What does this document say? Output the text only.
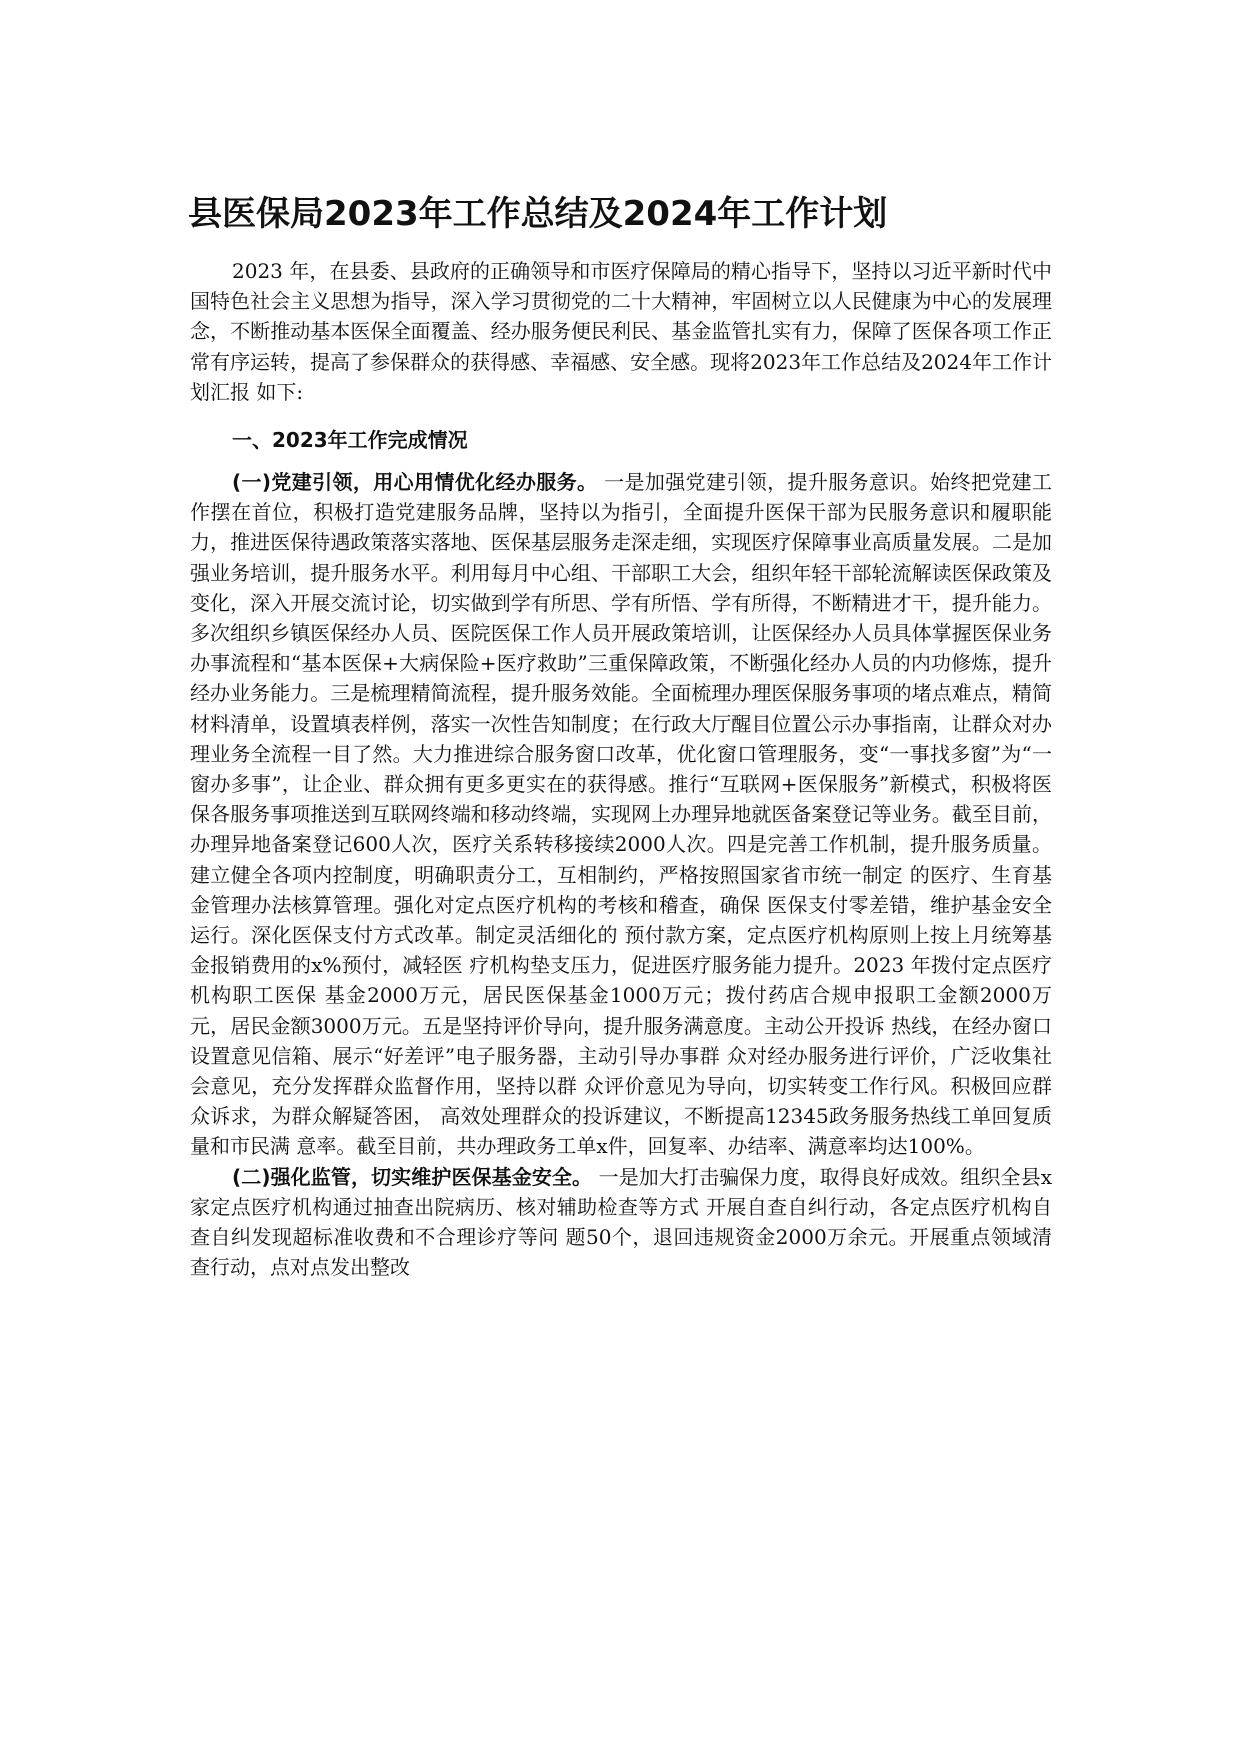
县医保局2023年工作总结及2024年工作计划

2023 年，在县委、县政府的正确领导和市医疗保障局的精心指导下，坚持以习近平新时代中国特色社会主义思想为指导，深入学习贯彻党的二十大精神，牢固树立以人民健康为中心的发展理念，不断推动基本医保全面覆盖、经办服务便民利民、基金监管扎实有力，保障了医保各项工作正常有序运转，提高了参保群众的获得感、幸福感、安全感。现将2023年工作总结及2024年工作计划汇报 如下:

一、2023年工作完成情况

(一)党建引领，用心用情优化经办服务。 一是加强党建引领，提升服务意识。始终把党建工作摆在首位，积极打造党建服务品牌，坚持以为指引，全面提升医保干部为民服务意识和履职能力，推进医保待遇政策落实落地、医保基层服务走深走细，实现医疗保障事业高质量发展。二是加强业务培训，提升服务水平。利用每月中心组、干部职工大会，组织年轻干部轮流解读医保政策及变化，深入开展交流讨论，切实做到学有所思、学有所悟、学有所得，不断精进才干，提升能力。多次组织乡镇医保经办人员、医院医保工作人员开展政策培训，让医保经办人员具体掌握医保业务办事流程和“基本医保+大病保险+医疗救助”三重保障政策，不断强化经办人员的内功修炼，提升经办业务能力。三是梳理精简流程，提升服务效能。全面梳理办理医保服务事项的堵点难点，精简材料清单，设置填表样例，落实一次性告知制度；在行政大厅醒目位置公示办事指南，让群众对办理业务全流程一目了然。大力推进综合服务窗口改革，优化窗口管理服务，变“一事找多窗”为“一窗办多事”，让企业、群众拥有更多更实在的获得感。推行“互联网+医保服务”新模式，积极将医保各服务事项推送到互联网终端和移动终端，实现网上办理异地就医备案登记等业务。截至目前，办理异地备案登记600人次，医疗关系转移接续2000人次。四是完善工作机制，提升服务质量。 建立健全各项内控制度，明确职责分工，互相制约，严格按照国家省市统一制定 的医疗、生育基金管理办法核算管理。强化对定点医疗机构的考核和稽查，确保 医保支付零差错，维护基金安全运行。深化医保支付方式改革。制定灵活细化的 预付款方案，定点医疗机构原则上按上月统筹基金报销费用的x%预付，减轻医 疗机构垫支压力，促进医疗服务能力提升。2023 年拨付定点医疗机构职工医保 基金2000万元，居民医保基金1000万元；拨付药店合规申报职工金额2000万 元，居民金额3000万元。五是坚持评价导向，提升服务满意度。主动公开投诉 热线，在经办窗口设置意见信箱、展示“好差评”电子服务器，主动引导办事群 众对经办服务进行评价，广泛收集社会意见，充分发挥群众监督作用，坚持以群 众评价意见为导向，切实转变工作行风。积极回应群众诉求，为群众解疑答困， 高效处理群众的投诉建议，不断提高12345政务服务热线工单回复质量和市民满 意率。截至目前，共办理政务工单x件，回复率、办结率、满意率均达100%。

(二)强化监管，切实维护医保基金安全。 一是加大打击骗保力度，取得良好成效。组织全县x家定点医疗机构通过抽查出院病历、核对辅助检查等方式 开展自查自纠行动，各定点医疗机构自查自纠发现超标准收费和不合理诊疗等问 题50个，退回违规资金2000万余元。开展重点领域清查行动，点对点发出整改
